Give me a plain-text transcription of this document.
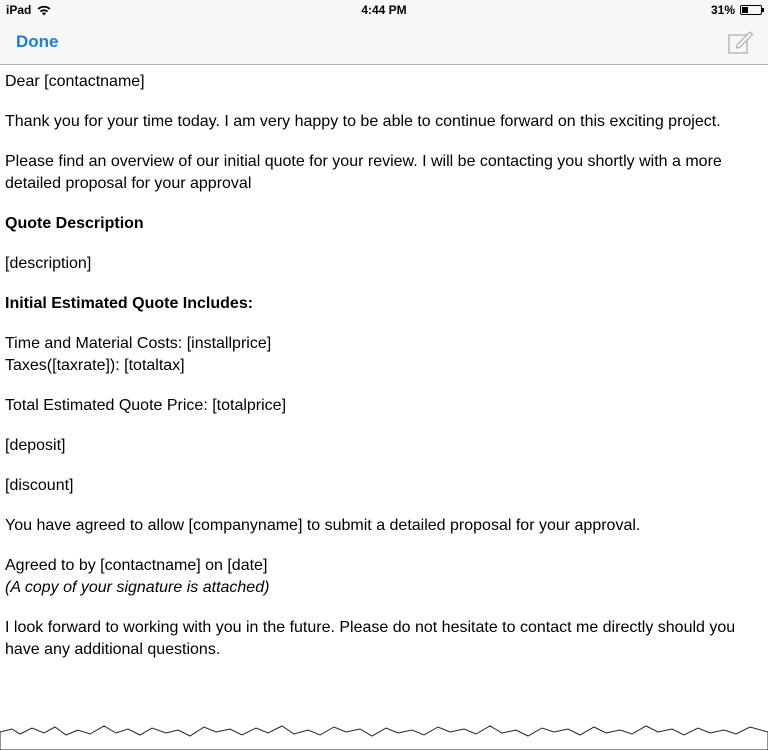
iPad	4:44 PM	31%
Done

Dear [contactname]

Thank you for your time today. I am very happy to be able to continue forward on this exciting project.

Please find an overview of our initial quote for your review. I will be contacting you shortly with a more detailed proposal for your approval

Quote Description

[description]

Initial Estimated Quote Includes:

Time and Material Costs: [installprice]
Taxes([taxrate]): [totaltax]

Total Estimated Quote Price: [totalprice]

[deposit]

[discount]

You have agreed to allow [companyname] to submit a detailed proposal for your approval.

Agreed to by [contactname] on [date]
(A copy of your signature is attached)

I look forward to working with you in the future. Please do not hesitate to contact me directly should you have any additional questions.
